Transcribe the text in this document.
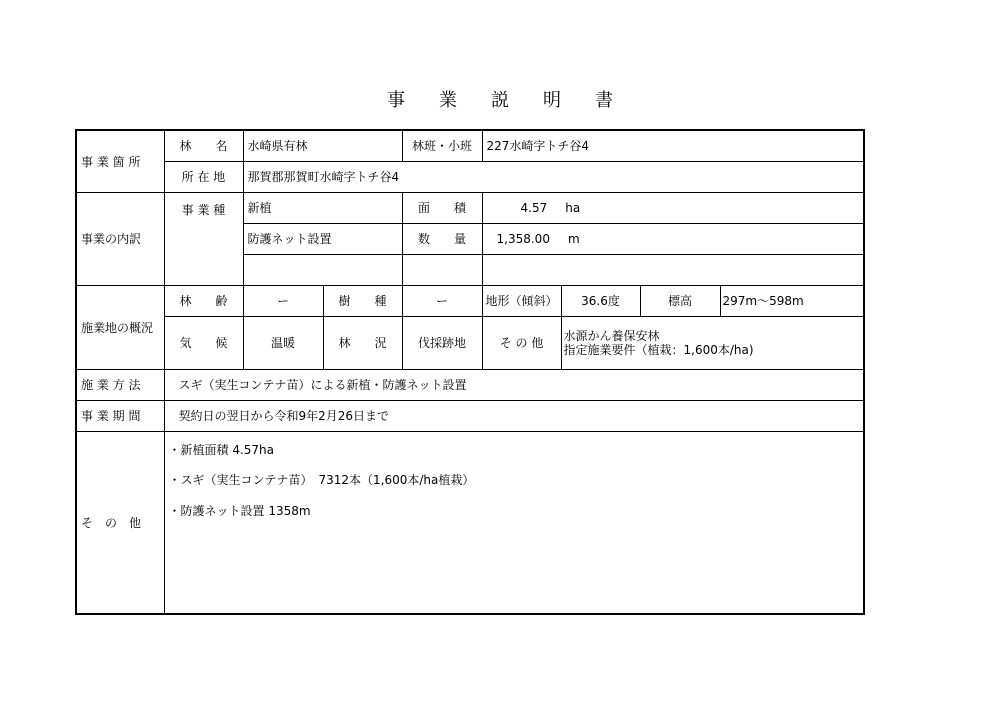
事 業 説 明 書
事 業 箇 所	林　　名	水崎県有林		林班・小班	227水崎字トチ谷4			
	所 在 地	那賀郡那賀町水崎字トチ谷4						
事業の内訳	事 業 種	新植		面　　積	4.57 ha			
		防護ネット設置		数　　量	1,358.00 m			

施業地の概況	林　　齢	ー	樹　　種	ー	地形（傾斜）	36.6度	標高	297m～598m
	気　　候	温暖	林　　況	伐採跡地	そ の 他	水源かん養保安林
指定施業要件（植栽：1,600本/ha)		

施 業 方 法	スギ（実生コンテナ苗）による新植・防護ネット設置							
事 業 期 間	契約日の翌日から令和9年2月26日まで							
そ　の　他	・新植面積 4.57ha
・スギ（実生コンテナ苗）　7312本（1,600本/ha植栽）
・防護ネット設置 1358m							
